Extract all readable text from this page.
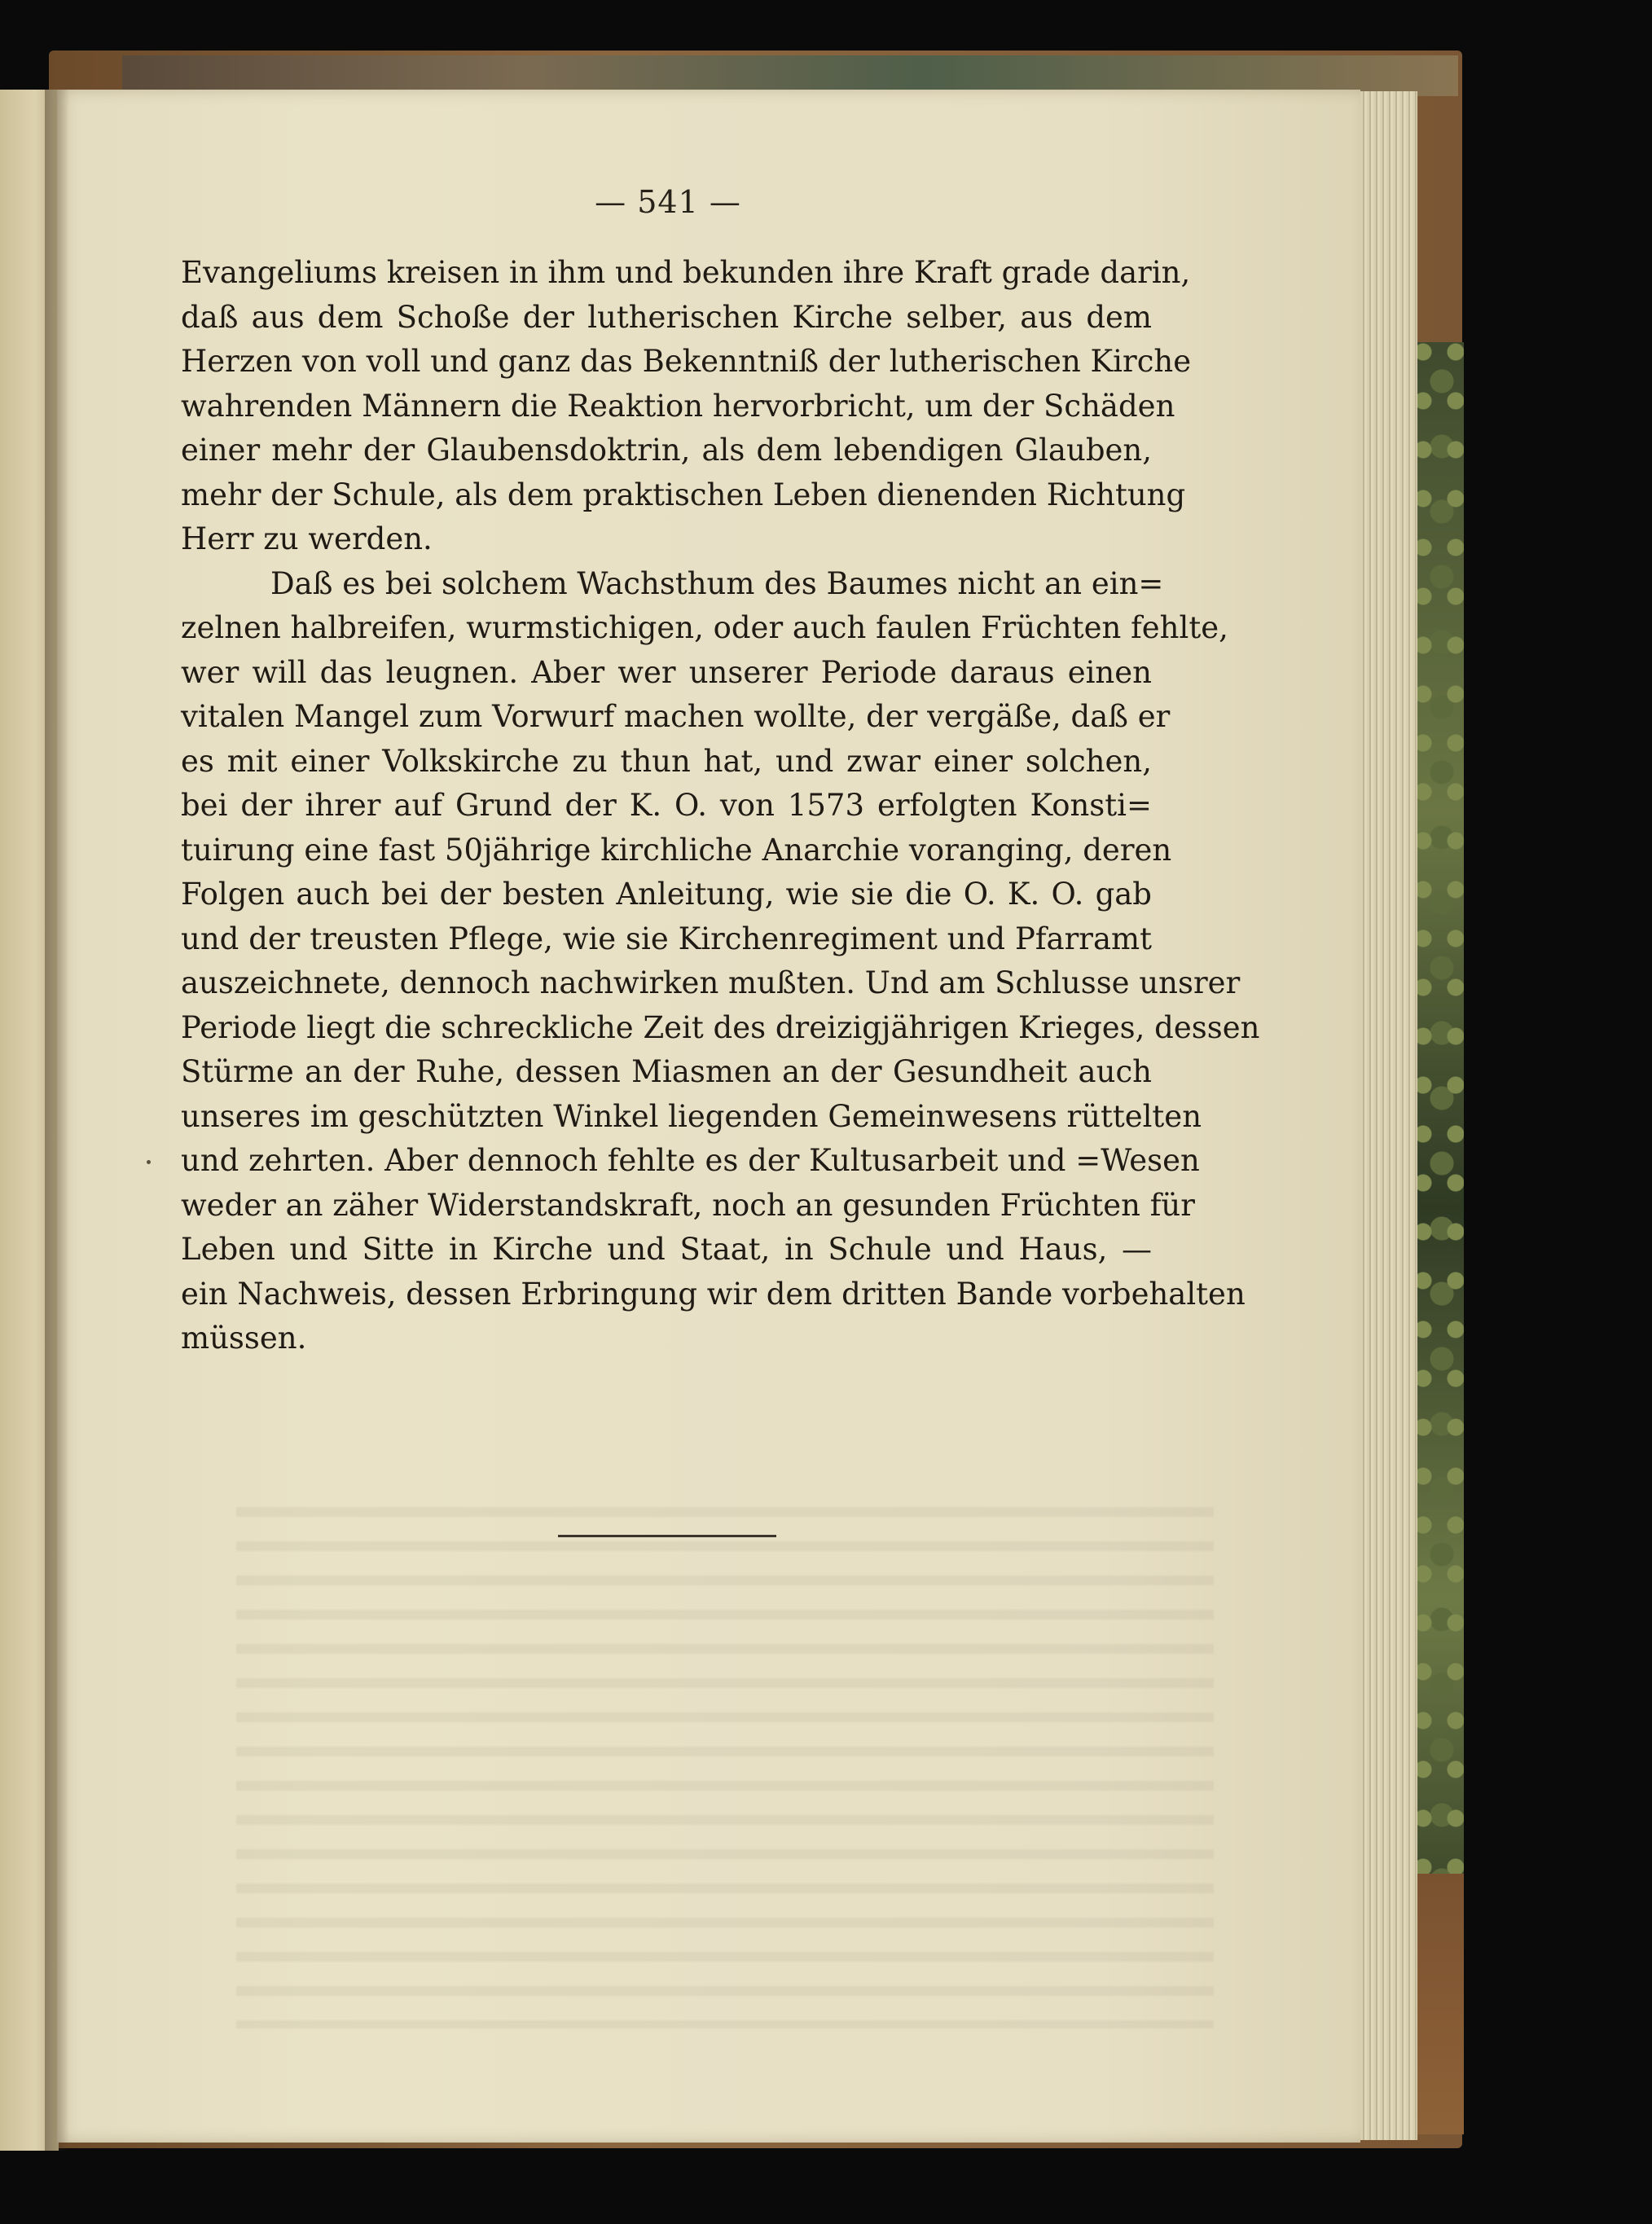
— 541 —
Evangeliums kreisen in ihm und bekunden ihre Kraft grade darin,
daß aus dem Schoße der lutherischen Kirche selber, aus dem
Herzen von voll und ganz das Bekenntniß der lutherischen Kirche
wahrenden Männern die Reaktion hervorbricht, um der Schäden
einer mehr der Glaubensdoktrin, als dem lebendigen Glauben,
mehr der Schule, als dem praktischen Leben dienenden Richtung
Herr zu werden.
Daß es bei solchem Wachsthum des Baumes nicht an ein=
zelnen halbreifen, wurmstichigen, oder auch faulen Früchten fehlte,
wer will das leugnen. Aber wer unserer Periode daraus einen
vitalen Mangel zum Vorwurf machen wollte, der vergäße, daß er
es mit einer Volkskirche zu thun hat, und zwar einer solchen,
bei der ihrer auf Grund der K. O. von 1573 erfolgten Konsti=
tuirung eine fast 50jährige kirchliche Anarchie voranging, deren
Folgen auch bei der besten Anleitung, wie sie die O. K. O. gab
und der treusten Pflege, wie sie Kirchenregiment und Pfarramt
auszeichnete, dennoch nachwirken mußten. Und am Schlusse unsrer
Periode liegt die schreckliche Zeit des dreizigjährigen Krieges, dessen
Stürme an der Ruhe, dessen Miasmen an der Gesundheit auch
unseres im geschützten Winkel liegenden Gemeinwesens rüttelten
und zehrten. Aber dennoch fehlte es der Kultusarbeit und =Wesen
weder an zäher Widerstandskraft, noch an gesunden Früchten für
Leben und Sitte in Kirche und Staat, in Schule und Haus, —
ein Nachweis, dessen Erbringung wir dem dritten Bande vorbehalten
müssen.
